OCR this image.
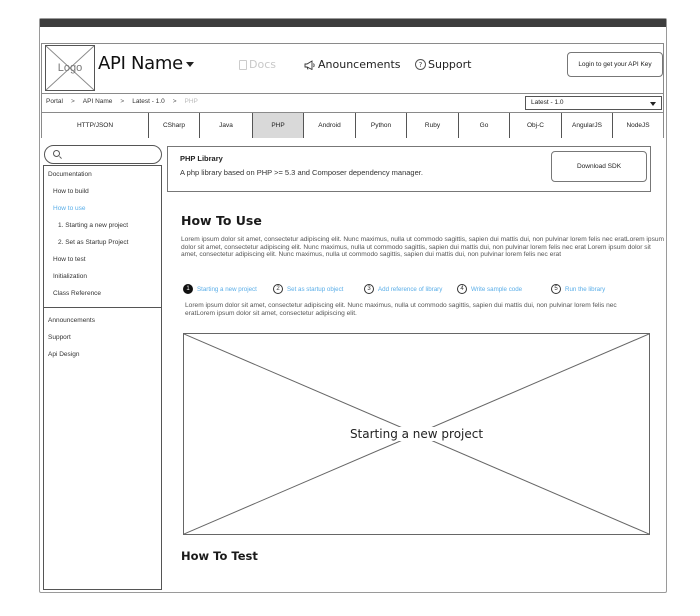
Logo API Name	Docs	Anouncements	? Support	Login to get your API Key
Portal > API Name > Latest - 1.0 > PHP	Latest - 1.0
HTTP/JSON	CSharp	Java	PHP	Android	Python	Ruby	Go	Obj-C	AngularJS	NodeJS
Documentation
How to build
How to use
1. Starting a new project
2. Set as Startup Project
How to test
Initialization
Class Reference
Announcements
Support
Api Design
PHP Library
A php library based on PHP >= 5.3 and Composer dependency manager.
Download SDK
How To Use
Lorem ipsum dolor sit amet, consectetur adipiscing elit. Nunc maximus, nulla ut commodo sagittis, sapien dui mattis dui, non pulvinar lorem felis nec eratLorem ipsum dolor sit amet, consectetur adipiscing elit. Nunc maximus, nulla ut commodo sagittis, sapien dui mattis dui, non pulvinar lorem felis nec erat Lorem ipsum dolor sit amet, consectetur adipiscing elit. Nunc maximus, nulla ut commodo sagittis, sapien dui mattis dui, non pulvinar lorem felis nec erat
1	Starting a new project	2	Set as startup object	3	Add reference of library	4	Write sample code	5	Run the library
Lorem ipsum dolor sit amet, consectetur adipiscing elit. Nunc maximus, nulla ut commodo sagittis, sapien dui mattis dui, non pulvinar lorem felis nec eratLorem ipsum dolor sit amet, consectetur adipiscing elit.
Starting a new project
How To Test
